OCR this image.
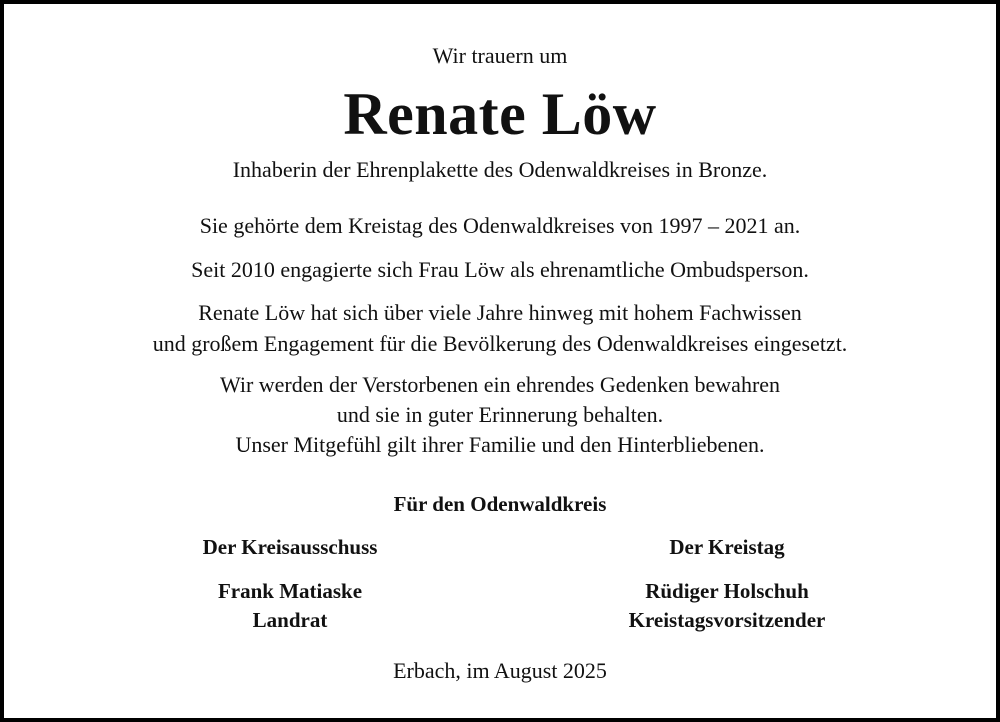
Wir trauern um
Renate Löw
Inhaberin der Ehrenplakette des Odenwaldkreises in Bronze.
Sie gehörte dem Kreistag des Odenwaldkreises von 1997 – 2021 an.
Seit 2010 engagierte sich Frau Löw als ehrenamtliche Ombudsperson.
Renate Löw hat sich über viele Jahre hinweg mit hohem Fachwissen
und großem Engagement für die Bevölkerung des Odenwaldkreises eingesetzt.
Wir werden der Verstorbenen ein ehrendes Gedenken bewahren
und sie in guter Erinnerung behalten.
Unser Mitgefühl gilt ihrer Familie und den Hinterbliebenen.
Für den Odenwaldkreis
Der Kreisausschuss	Der Kreistag
Frank Matiaske
Landrat
Rüdiger Holschuh
Kreistagsvorsitzender
Erbach, im August 2025
